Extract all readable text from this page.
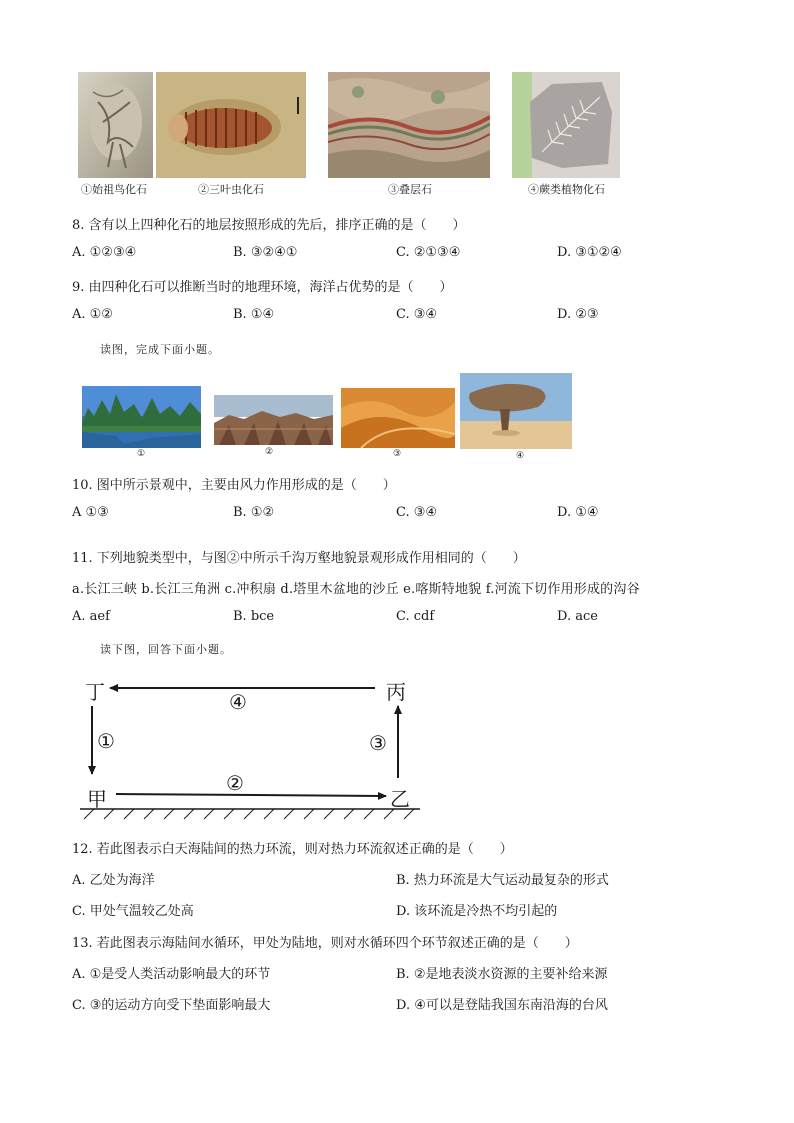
①始祖鸟化石	②三叶虫化石	③叠层石	④蕨类植物化石
8. 含有以上四种化石的地层按照形成的先后，排序正确的是（　　）
A. ①②③④	B. ③②④①	C. ②①③④	D. ③①②④
9. 由四种化石可以推断当时的地理环境，海洋占优势的是（　　）
A. ①②	B. ①④	C. ③④	D. ②③
读图，完成下面小题。
①	②	③	④
10. 图中所示景观中，主要由风力作用形成的是（　　）
A ①③	B. ①②	C. ③④	D. ①④
11. 下列地貌类型中，与图②中所示千沟万壑地貌景观形成作用相同的（　　）
a.长江三峡 b.长江三角洲 c.冲积扇 d.塔里木盆地的沙丘 e.喀斯特地貌 f.河流下切作用形成的沟谷
A. aef	B. bce	C. cdf	D. ace
读下图，回答下面小题。
丁	丙
甲	乙
④
①	③
②
12. 若此图表示白天海陆间的热力环流，则对热力环流叙述正确的是（　　）
A. 乙处为海洋	B. 热力环流是大气运动最复杂的形式
C. 甲处气温较乙处高	D. 该环流是冷热不均引起的
13. 若此图表示海陆间水循环，甲处为陆地，则对水循环四个环节叙述正确的是（　　）
A. ①是受人类活动影响最大的环节	B. ②是地表淡水资源的主要补给来源
C. ③的运动方向受下垫面影响最大	D. ④可以是登陆我国东南沿海的台风
